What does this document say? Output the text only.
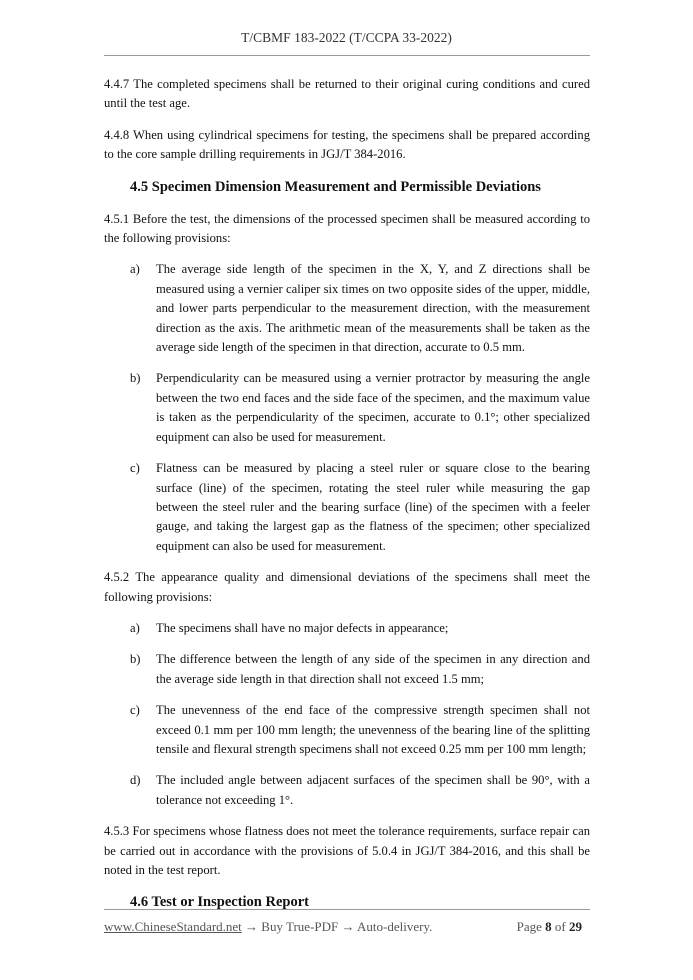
T/CBMF 183-2022 (T/CCPA 33-2022)

4.4.7 The completed specimens shall be returned to their original curing conditions and cured until the test age.

4.4.8 When using cylindrical specimens for testing, the specimens shall be prepared according to the core sample drilling requirements in JGJ/T 384-2016.

4.5 Specimen Dimension Measurement and Permissible Deviations

4.5.1 Before the test, the dimensions of the processed specimen shall be measured according to the following provisions:

a)	The average side length of the specimen in the X, Y, and Z directions shall be measured using a vernier caliper six times on two opposite sides of the upper, middle, and lower parts perpendicular to the measurement direction, with the measurement direction as the axis. The arithmetic mean of the measurements shall be taken as the average side length of the specimen in that direction, accurate to 0.5 mm.
b)	Perpendicularity can be measured using a vernier protractor by measuring the angle between the two end faces and the side face of the specimen, and the maximum value is taken as the perpendicularity of the specimen, accurate to 0.1°; other specialized equipment can also be used for measurement.
c)	Flatness can be measured by placing a steel ruler or square close to the bearing surface (line) of the specimen, rotating the steel ruler while measuring the gap between the steel ruler and the bearing surface (line) of the specimen with a feeler gauge, and taking the largest gap as the flatness of the specimen; other specialized equipment can also be used for measurement.

4.5.2 The appearance quality and dimensional deviations of the specimens shall meet the following provisions:

a)	The specimens shall have no major defects in appearance;
b)	The difference between the length of any side of the specimen in any direction and the average side length in that direction shall not exceed 1.5 mm;
c)	The unevenness of the end face of the compressive strength specimen shall not exceed 0.1 mm per 100 mm length; the unevenness of the bearing line of the splitting tensile and flexural strength specimens shall not exceed 0.25 mm per 100 mm length;
d)	The included angle between adjacent surfaces of the specimen shall be 90°, with a tolerance not exceeding 1°.

4.5.3 For specimens whose flatness does not meet the tolerance requirements, surface repair can be carried out in accordance with the provisions of 5.0.4 in JGJ/T 384-2016, and this shall be noted in the test report.

4.6 Test or Inspection Report
www.ChineseStandard.net → Buy True-PDF → Auto-delivery.	Page 8 of 29
